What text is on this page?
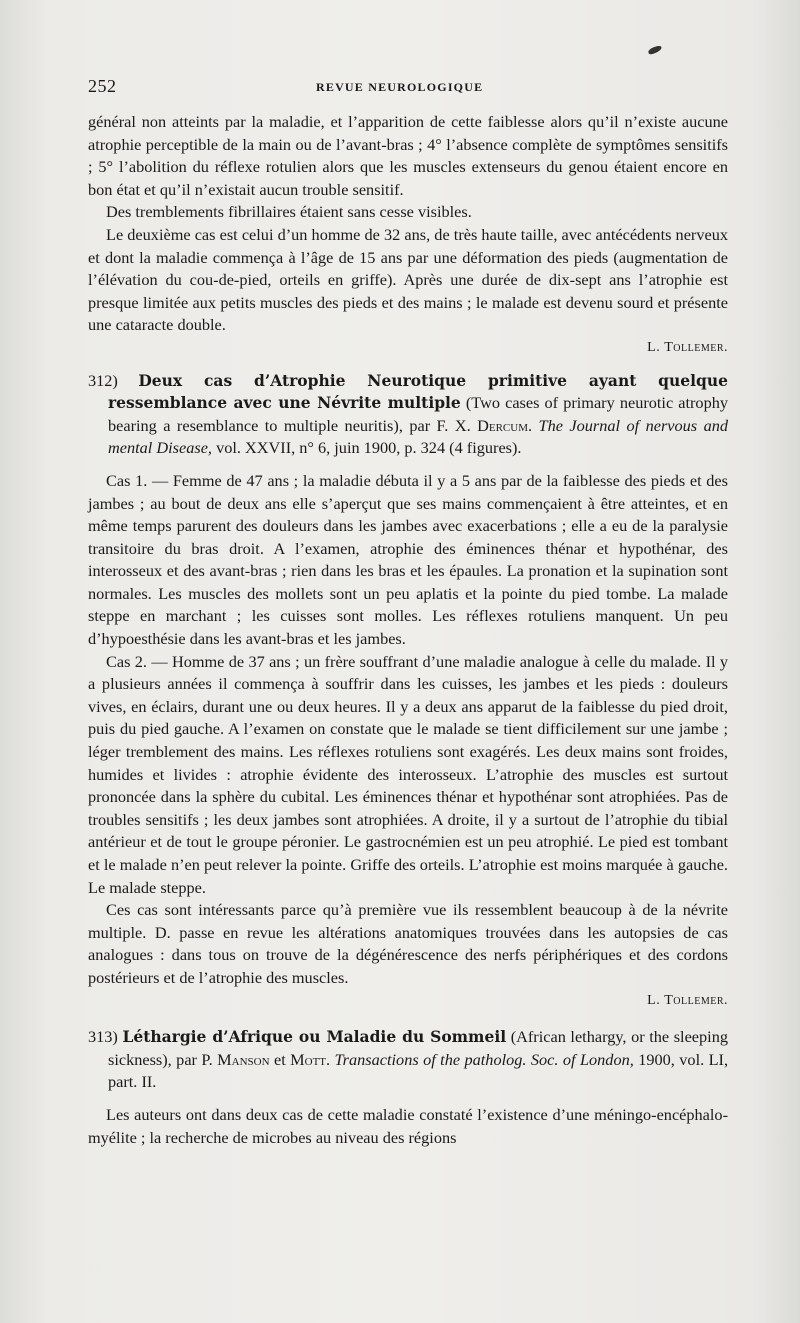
252	REVUE NEUROLOGIQUE

général non atteints par la maladie, et l’apparition de cette faiblesse alors qu’il n’existe aucune atrophie perceptible de la main ou de l’avant-bras ; 4° l’absence complète de symptômes sensitifs ; 5° l’abolition du réflexe rotulien alors que les muscles extenseurs du genou étaient encore en bon état et qu’il n’existait aucun trouble sensitif.

Des tremblements fibrillaires étaient sans cesse visibles.

Le deuxième cas est celui d’un homme de 32 ans, de très haute taille, avec antécédents nerveux et dont la maladie commença à l’âge de 15 ans par une déformation des pieds (augmentation de l’élévation du cou-de-pied, orteils en griffe). Après une durée de dix-sept ans l’atrophie est presque limitée aux petits muscles des pieds et des mains ; le malade est devenu sourd et présente une cataracte double.

L. Tollemer.

312) Deux cas d’Atrophie Neurotique primitive ayant quelque ressemblance avec une Névrite multiple (Two cases of primary neurotic atrophy bearing a resemblance to multiple neuritis), par F. X. Dercum. The Journal of nervous and mental Disease, vol. XXVII, n° 6, juin 1900, p. 324 (4 figures).

Cas 1. — Femme de 47 ans ; la maladie débuta il y a 5 ans par de la faiblesse des pieds et des jambes ; au bout de deux ans elle s’aperçut que ses mains commençaient à être atteintes, et en même temps parurent des douleurs dans les jambes avec exacerbations ; elle a eu de la paralysie transitoire du bras droit. A l’examen, atrophie des éminences thénar et hypothénar, des interosseux et des avant-bras ; rien dans les bras et les épaules. La pronation et la supination sont normales. Les muscles des mollets sont un peu aplatis et la pointe du pied tombe. La malade steppe en marchant ; les cuisses sont molles. Les réflexes rotuliens manquent. Un peu d’hypoesthésie dans les avant-bras et les jambes.

Cas 2. — Homme de 37 ans ; un frère souffrant d’une maladie analogue à celle du malade. Il y a plusieurs années il commença à souffrir dans les cuisses, les jambes et les pieds : douleurs vives, en éclairs, durant une ou deux heures. Il y a deux ans apparut de la faiblesse du pied droit, puis du pied gauche. A l’examen on constate que le malade se tient difficilement sur une jambe ; léger tremblement des mains. Les réflexes rotuliens sont exagérés. Les deux mains sont froides, humides et livides : atrophie évidente des interosseux. L’atrophie des muscles est surtout prononcée dans la sphère du cubital. Les éminences thénar et hypothénar sont atrophiées. Pas de troubles sensitifs ; les deux jambes sont atrophiées. A droite, il y a surtout de l’atrophie du tibial antérieur et de tout le groupe péronier. Le gastrocnémien est un peu atrophié. Le pied est tombant et le malade n’en peut relever la pointe. Griffe des orteils. L’atrophie est moins marquée à gauche. Le malade steppe.

Ces cas sont intéressants parce qu’à première vue ils ressemblent beaucoup à de la névrite multiple. D. passe en revue les altérations anatomiques trouvées dans les autopsies de cas analogues : dans tous on trouve de la dégénérescence des nerfs périphériques et des cordons postérieurs et de l’atrophie des muscles.

L. Tollemer.

313) Léthargie d’Afrique ou Maladie du Sommeil (African lethargy, or the sleeping sickness), par P. Manson et Mott. Transactions of the patholog. Soc. of London, 1900, vol. LI, part. II.

Les auteurs ont dans deux cas de cette maladie constaté l’existence d’une méningo-encéphalo-myélite ; la recherche de microbes au niveau des régions
